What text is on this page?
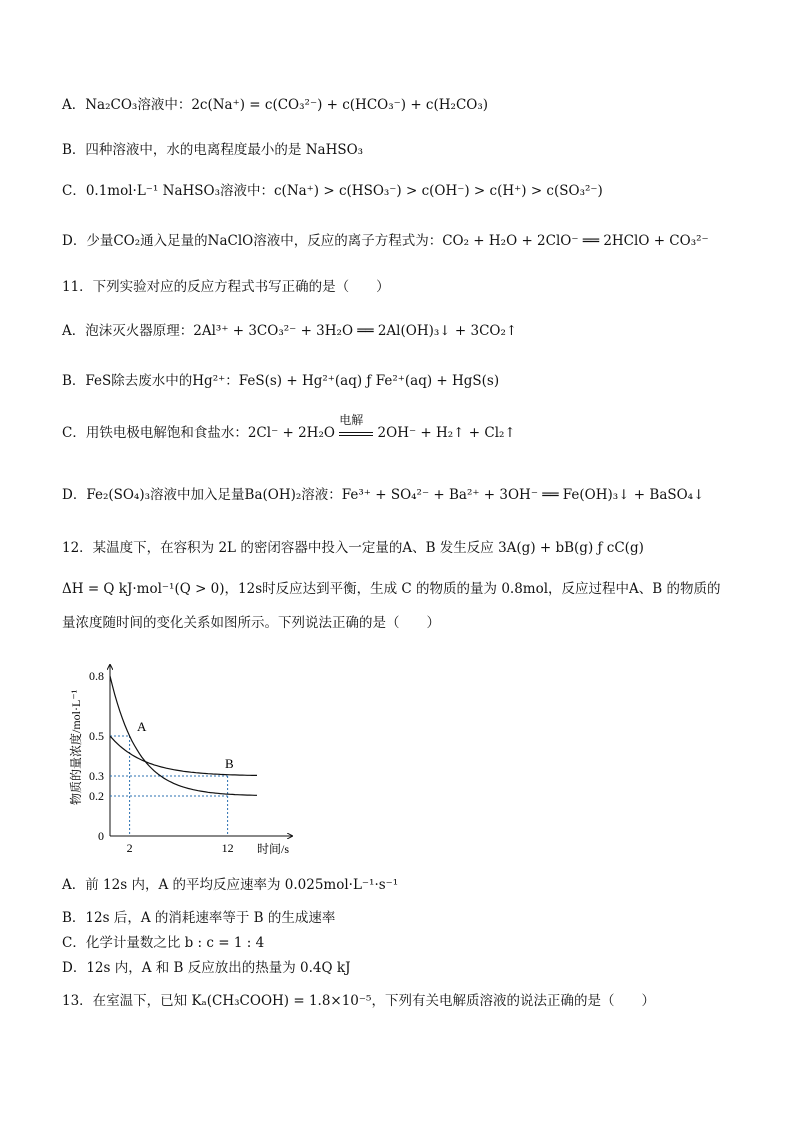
A．Na₂CO₃溶液中：2c(Na⁺) = c(CO₃²⁻) + c(HCO₃⁻) + c(H₂CO₃)
B．四种溶液中，水的电离程度最小的是 NaHSO₃
C．0.1mol·L⁻¹ NaHSO₃溶液中：c(Na⁺) > c(HSO₃⁻) > c(OH⁻) > c(H⁺) > c(SO₃²⁻)
D．少量CO₂通入足量的NaClO溶液中，反应的离子方程式为：CO₂ + H₂O + 2ClO⁻ ══ 2HClO + CO₃²⁻
11．下列实验对应的反应方程式书写正确的是（　　）
A．泡沫灭火器原理：2Al³⁺ + 3CO₃²⁻ + 3H₂O ══ 2Al(OH)₃↓ + 3CO₂↑
B．FeS除去废水中的Hg²⁺：FeS(s) + Hg²⁺(aq) ƒ Fe²⁺(aq) + HgS(s)
C．用铁电极电解饱和食盐水：2Cl⁻ + 2H₂O
电解
2OH⁻ + H₂↑ + Cl₂↑
D．Fe₂(SO₄)₃溶液中加入足量Ba(OH)₂溶液：Fe³⁺ + SO₄²⁻ + Ba²⁺ + 3OH⁻ ══ Fe(OH)₃↓ + BaSO₄↓
12．某温度下，在容积为 2L 的密闭容器中投入一定量的A、B 发生反应 3A(g) + bB(g) ƒ cC(g)
ΔH = Q kJ·mol⁻¹(Q > 0)，12s时反应达到平衡，生成 C 的物质的量为 0.8mol，反应过程中A、B 的物质的
量浓度随时间的变化关系如图所示。下列说法正确的是（　　）
0
0.2
0.3
0.5
0.8
2	12
A
B
物质的量浓度/mol·L⁻¹
时间/s
A．前 12s 内，A 的平均反应速率为 0.025mol·L⁻¹·s⁻¹
B．12s 后，A 的消耗速率等于 B 的生成速率
C．化学计量数之比 b : c = 1 : 4
D．12s 内，A 和 B 反应放出的热量为 0.4Q kJ
13．在室温下，已知 Kₐ(CH₃COOH) = 1.8×10⁻⁵，下列有关电解质溶液的说法正确的是（　　）
